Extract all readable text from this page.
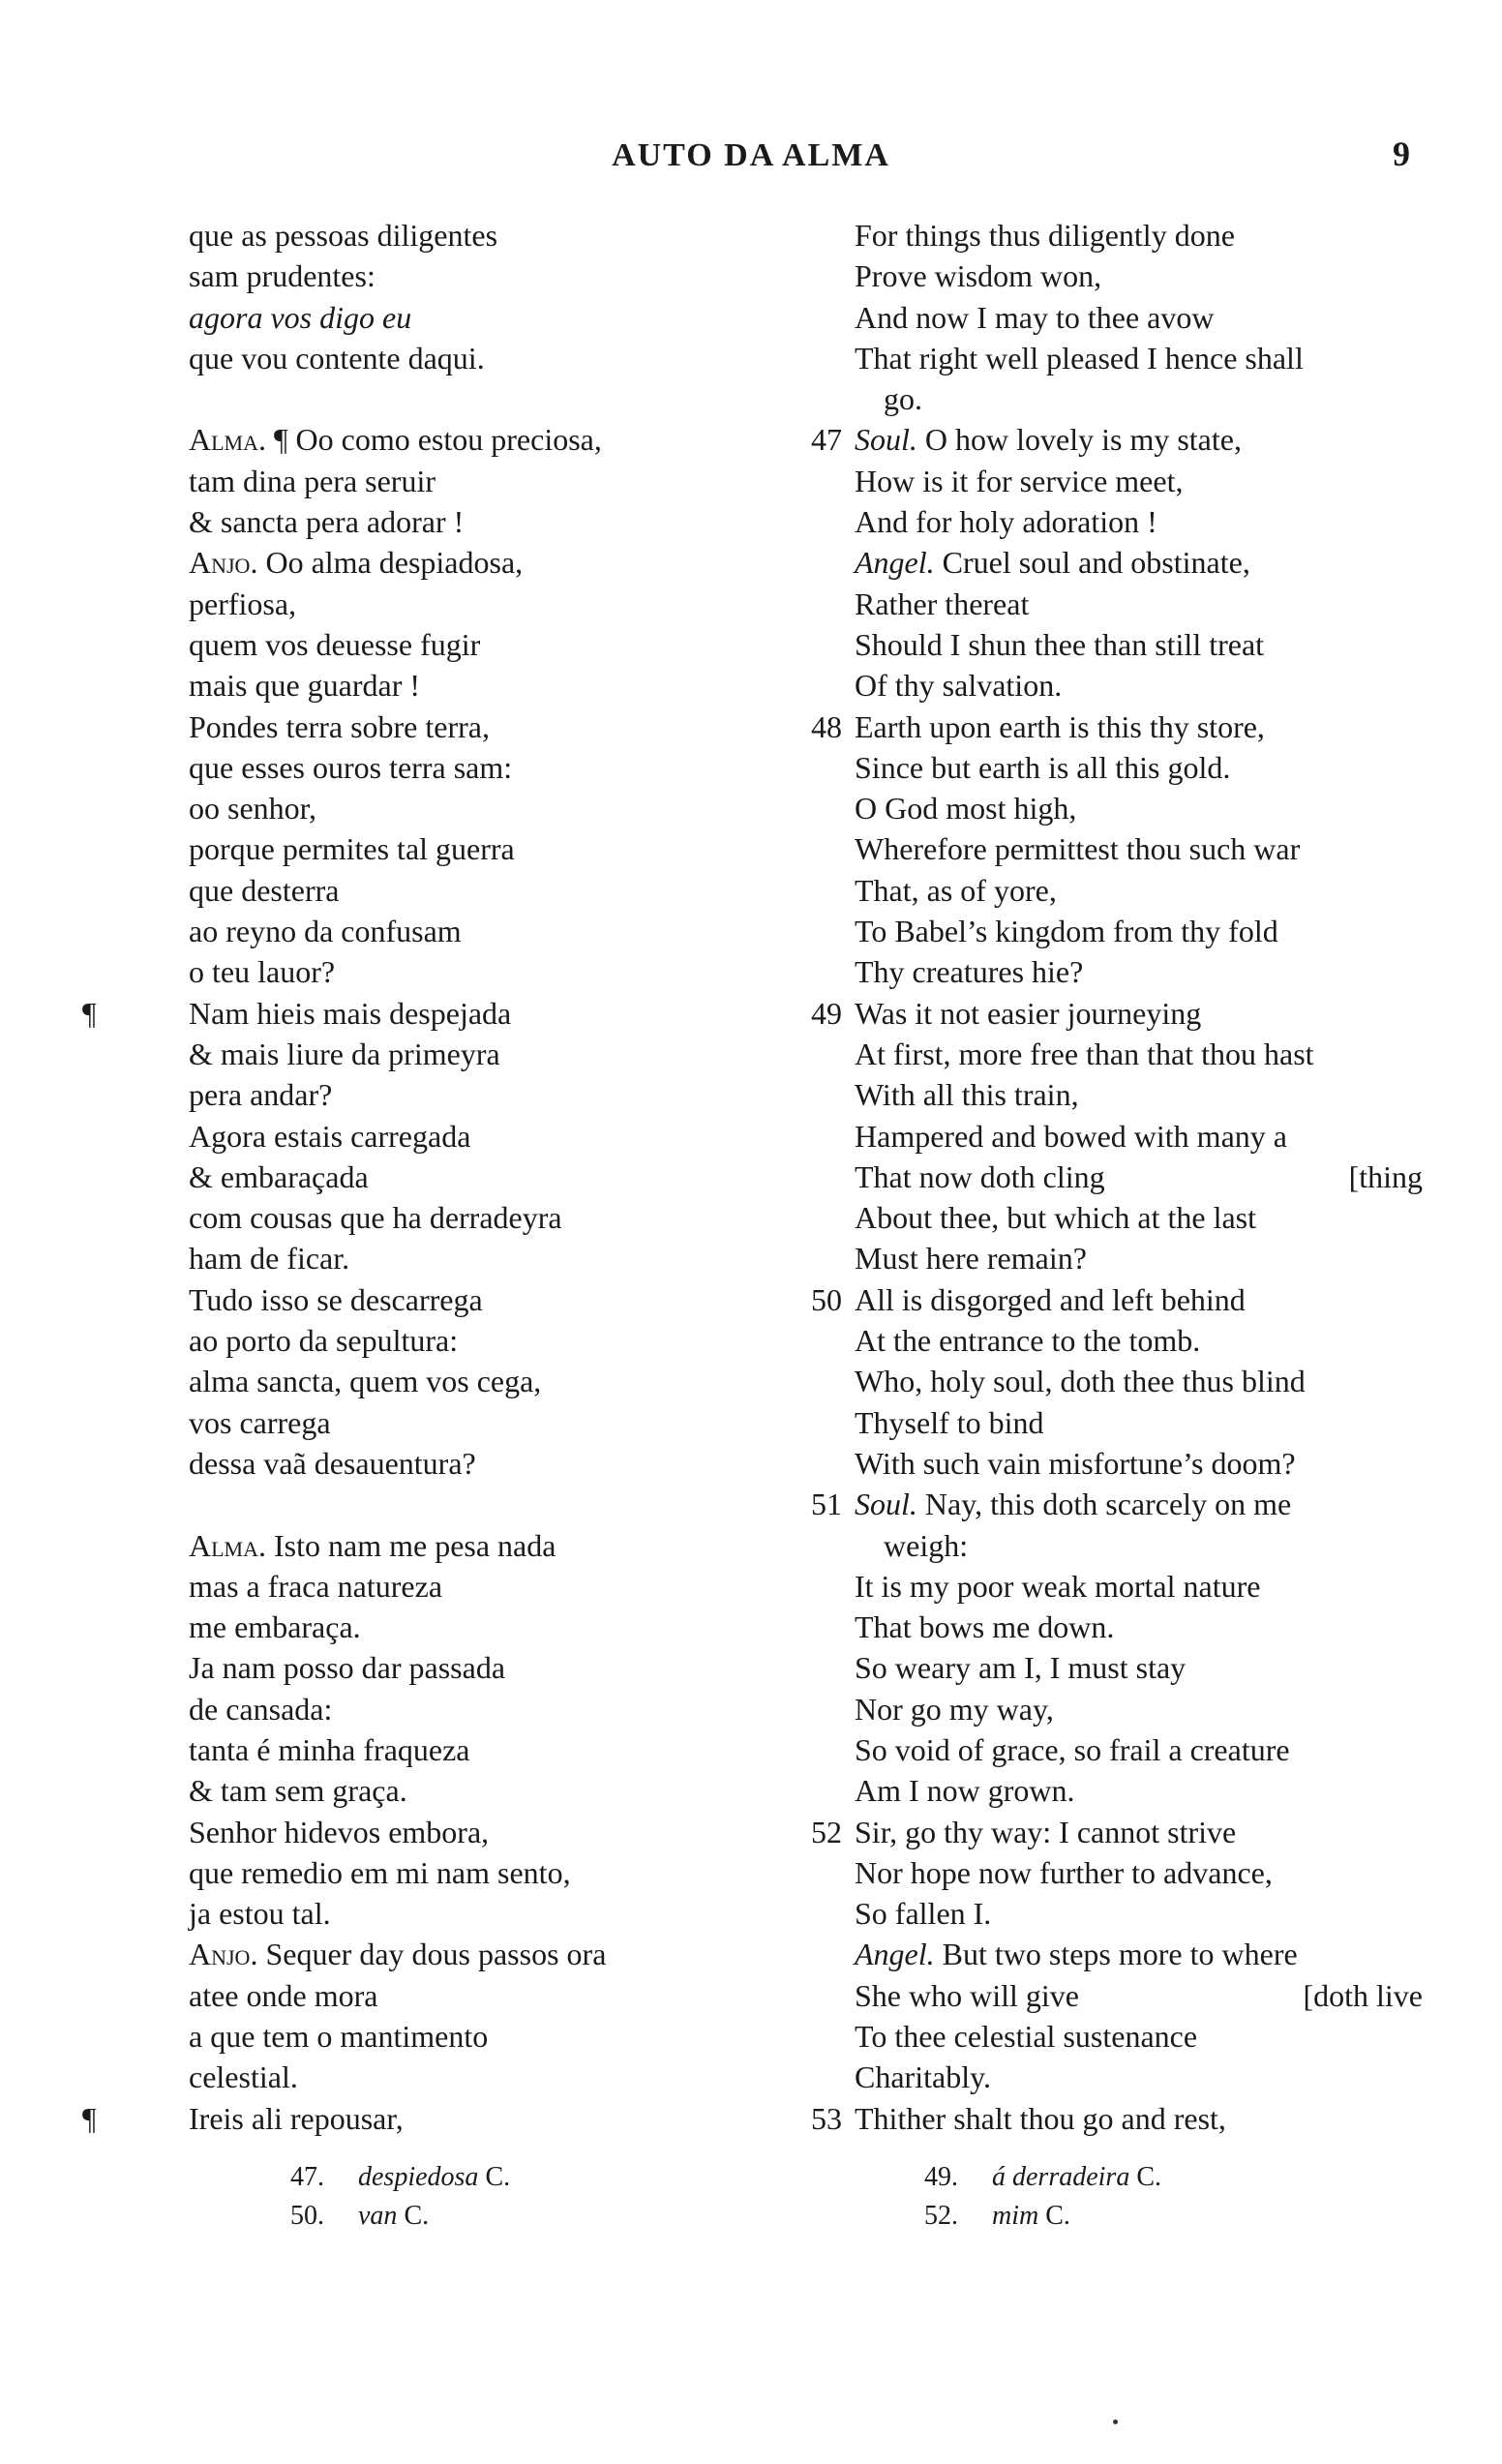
AUTO DA ALMA	9
que as pessoas diligentes
sam prudentes:
agora vos digo eu
que vou contente daqui.
Alma. ¶ Oo como estou preciosa,
tam dina pera seruir
& sancta pera adorar !
Anjo. Oo alma despiadosa,
perfiosa,
quem vos deuesse fugir
mais que guardar !
Pondes terra sobre terra,
que esses ouros terra sam:
oo senhor,
porque permites tal guerra
que desterra
ao reyno da confusam
o teu lauor?
¶	Nam hieis mais despejada
& mais liure da primeyra
pera andar?
Agora estais carregada
& embaraçada
com cousas que ha derradeyra
ham de ficar.
Tudo isso se descarrega
ao porto da sepultura:
alma sancta, quem vos cega,
vos carrega
dessa vaã desauentura?
Alma. Isto nam me pesa nada
mas a fraca natureza
me embaraça.
Ja nam posso dar passada
de cansada:
tanta é minha fraqueza
& tam sem graça.
Senhor hidevos embora,
que remedio em mi nam sento,
ja estou tal.
Anjo. Sequer day dous passos ora
atee onde mora
a que tem o mantimento
celestial.
¶	Ireis ali repousar,
For things thus diligently done
Prove wisdom won,
And now I may to thee avow
That right well pleased I hence shall
go.
47 Soul. O how lovely is my state,
How is it for service meet,
And for holy adoration !
Angel. Cruel soul and obstinate,
Rather thereat
Should I shun thee than still treat
Of thy salvation.
48 Earth upon earth is this thy store,
Since but earth is all this gold.
O God most high,
Wherefore permittest thou such war
That, as of yore,
To Babel’s kingdom from thy fold
Thy creatures hie?
49 Was it not easier journeying
At first, more free than that thou hast
With all this train,
Hampered and bowed with many a
That now doth cling	[thing
About thee, but which at the last
Must here remain?
50 All is disgorged and left behind
At the entrance to the tomb.
Who, holy soul, doth thee thus blind
Thyself to bind
With such vain misfortune’s doom?
51 Soul. Nay, this doth scarcely on me
weigh:
It is my poor weak mortal nature
That bows me down.
So weary am I, I must stay
Nor go my way,
So void of grace, so frail a creature
Am I now grown.
52 Sir, go thy way: I cannot strive
Nor hope now further to advance,
So fallen I.
Angel. But two steps more to where
She who will give	[doth live
To thee celestial sustenance
Charitably.
53 Thither shalt thou go and rest,
47. despiedosa C.
50. van C.
49. á derradeira C.
52. mim C.
